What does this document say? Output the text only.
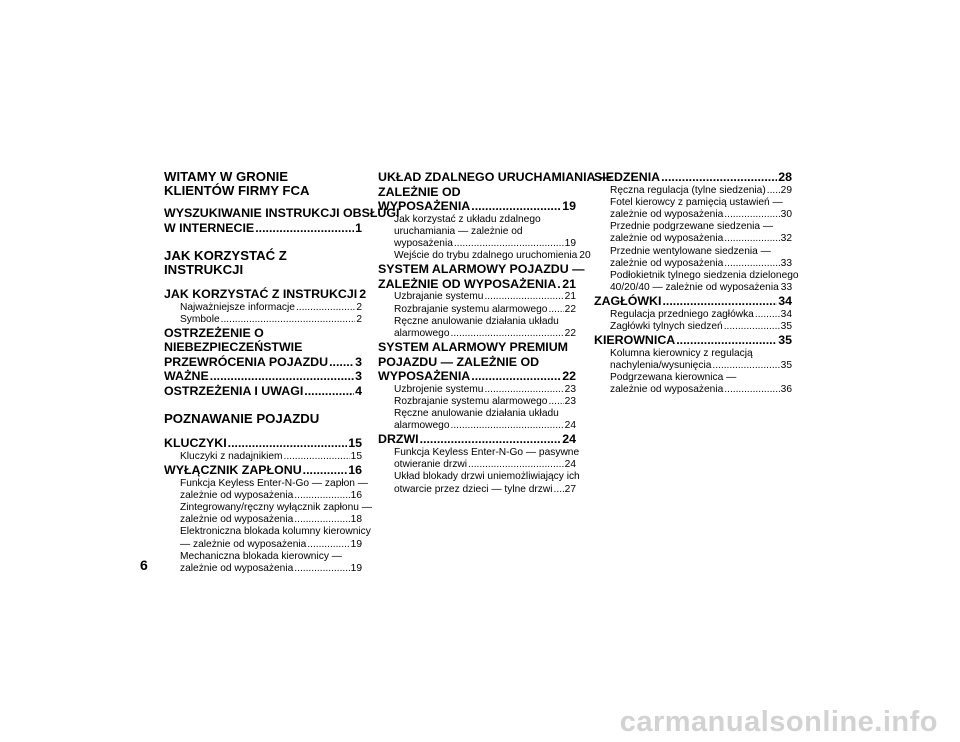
WITAMY W GRONIE
KLIENTÓW FIRMY FCA
WYSZUKIWANIE INSTRUKCJI OBSŁUGI
W INTERNECIE .....	1
JAK KORZYSTAĆ Z INSTRUKCJI
JAK KORZYSTAĆ Z INSTRUKCJI 2
Najważniejsze informacje .....	2
Symbole .....	2
OSTRZEŻENIE O
NIEBEZPIECZEŃSTWIE
PRZEWRÓCENIA POJAZDU ..... 3
WAŻNE .....	3
OSTRZEŻENIA I UWAGI .....	4
POZNAWANIE POJAZDU
KLUCZYKI .....	15
Kluczyki z nadajnikiem .....	15
WYŁĄCZNIK ZAPŁONU .....	16
Funkcja Keyless Enter-N-Go — zapłon —
zależnie od wyposażenia .....	16
Zintegrowany/ręczny wyłącznik zapłonu —
zależnie od wyposażenia .....	18
Elektroniczna blokada kolumny kierownicy
— zależnie od wyposażenia .....	19
Mechaniczna blokada kierownicy —
zależnie od wyposażenia .....	19
UKŁAD ZDALNEGO URUCHAMIANIA —
ZALEŻNIE OD
WYPOSAŻENIA .....	19
Jak korzystać z układu zdalnego
uruchamiania — zależnie od
wyposażenia .....	19
Wejście do trybu zdalnego uruchomienia 20
SYSTEM ALARMOWY POJAZDU —
ZALEŻNIE OD WYPOSAŻENIA ..... 21
Uzbrajanie systemu .....	21
Rozbrajanie systemu alarmowego ..... 22
Ręczne anulowanie działania układu
alarmowego .....	22
SYSTEM ALARMOWY PREMIUM
POJAZDU — ZALEŻNIE OD
WYPOSAŻENIA .....	22
Uzbrojenie systemu .....	23
Rozbrajanie systemu alarmowego ..... 23
Ręczne anulowanie działania układu
alarmowego .....	24
DRZWI .....	24
Funkcja Keyless Enter-N-Go — pasywne
otwieranie drzwi .....	24
Układ blokady drzwi uniemożliwiający ich
otwarcie przez dzieci — tylne drzwi ..... 27
SIEDZENIA .....	28
Ręczna regulacja (tylne siedzenia) ..... 29
Fotel kierowcy z pamięcią ustawień —
zależnie od wyposażenia .....	30
Przednie podgrzewane siedzenia —
zależnie od wyposażenia .....	32
Przednie wentylowane siedzenia —
zależnie od wyposażenia .....	33
Podłokietnik tylnego siedzenia dzielonego
40/20/40 — zależnie od wyposażenia 33
ZAGŁÓWKI .....	34
Regulacja przedniego zagłówka .....	34
Zagłówki tylnych siedzeń .....	35
KIEROWNICA .....	35
Kolumna kierownicy z regulacją
nachylenia/wysunięcia .....	35
Podgrzewana kierownica —
zależnie od wyposażenia .....	36
6
carmanualsonline.info
